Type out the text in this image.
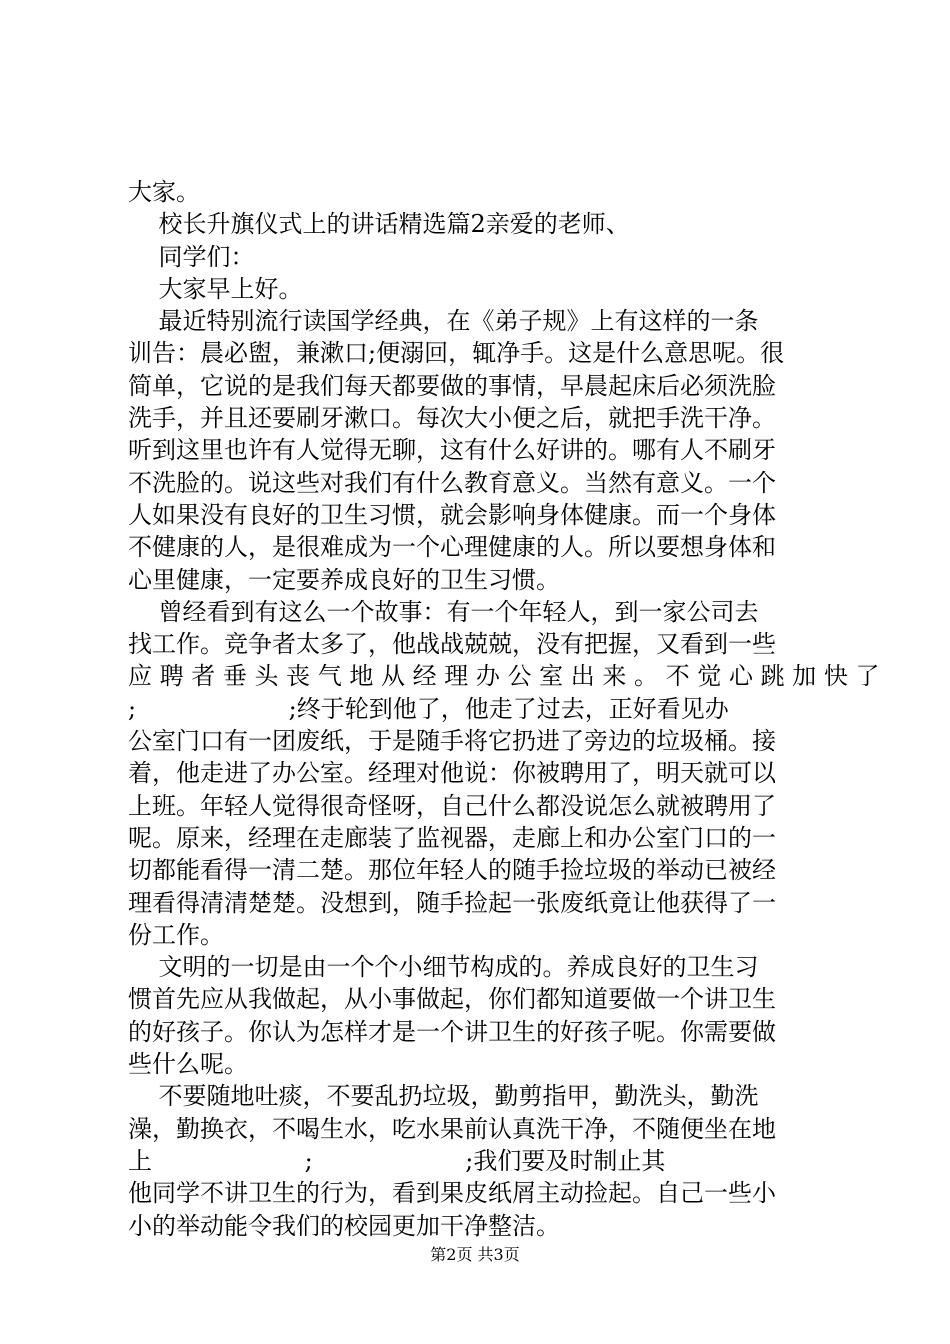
大家。
校长升旗仪式上的讲话精选篇2亲爱的老师、
同学们：
大家早上好。
最近特别流行读国学经典，在《弟子规》上有这样的一条
训告：晨必盥，兼漱口;便溺回，辄净手。这是什么意思呢。很
简单，它说的是我们每天都要做的事情，早晨起床后必须洗脸
洗手，并且还要刷牙漱口。每次大小便之后，就把手洗干净。
听到这里也许有人觉得无聊，这有什么好讲的。哪有人不刷牙
不洗脸的。说这些对我们有什么教育意义。当然有意义。一个
人如果没有良好的卫生习惯，就会影响身体健康。而一个身体
不健康的人，是很难成为一个心理健康的人。所以要想身体和
心里健康，一定要养成良好的卫生习惯。
曾经看到有这么一个故事：有一个年轻人，到一家公司去
找工作。竞争者太多了，他战战兢兢，没有把握，又看到一些
应 聘 者 垂 头 丧 气 地 从 经 理 办 公 室 出 来 。 不 觉 心 跳 加 快 了
;                    ;终于轮到他了，他走了过去，正好看见办
公室门口有一团废纸，于是随手将它扔进了旁边的垃圾桶。接
着，他走进了办公室。经理对他说：你被聘用了，明天就可以
上班。年轻人觉得很奇怪呀，自己什么都没说怎么就被聘用了
呢。原来，经理在走廊装了监视器，走廊上和办公室门口的一
切都能看得一清二楚。那位年轻人的随手捡垃圾的举动已被经
理看得清清楚楚。没想到，随手捡起一张废纸竟让他获得了一
份工作。
文明的一切是由一个个小细节构成的。养成良好的卫生习
惯首先应从我做起，从小事做起，你们都知道要做一个讲卫生
的好孩子。你认为怎样才是一个讲卫生的好孩子呢。你需要做
些什么呢。
不要随地吐痰，不要乱扔垃圾，勤剪指甲，勤洗头，勤洗
澡，勤换衣，不喝生水，吃水果前认真洗干净，不随便坐在地
上                    ;                    ;我们要及时制止其
他同学不讲卫生的行为，看到果皮纸屑主动捡起。自己一些小
小的举动能令我们的校园更加干净整洁。
第2页 共3页
